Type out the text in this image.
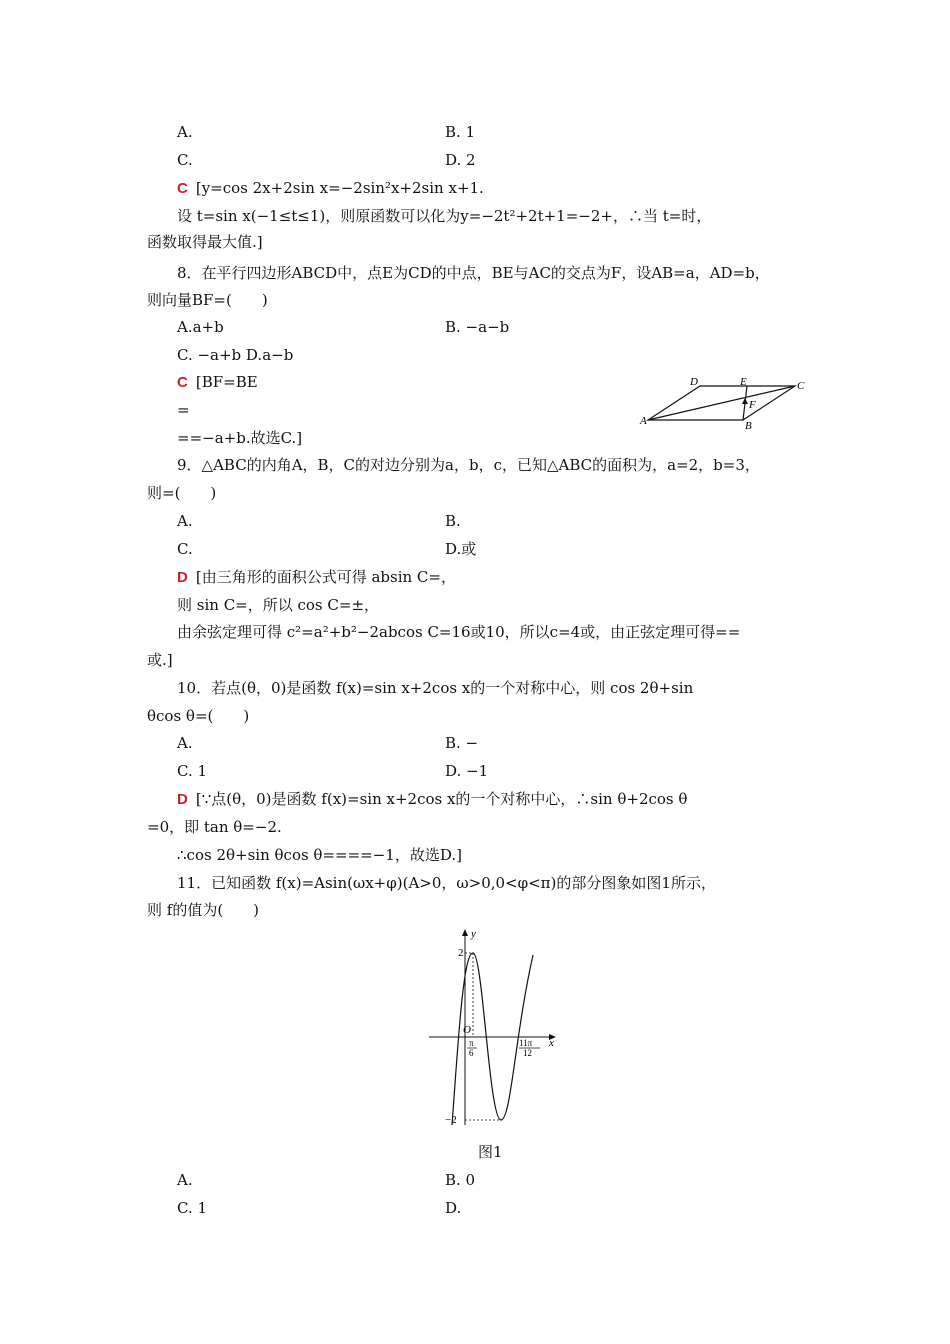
A.	B. 1
C.	D. 2
C [y=cos 2x+2sin x=−2sin²x+2sin x+1.
设 t=sin x(−1≤t≤1)，则原函数可以化为y=−2t²+2t+1=−2+，∴当 t=时，
函数取得最大值.]
8．在平行四边形ABCD中，点E为CD的中点，BE与AC的交点为F，设AB=a，AD=b，
则向量BF=(　　)
A.a+b	B. −a−b
C. −a+b D.a−b
C [BF=BE
=
==−a+b.故选C.]
A	B
C
D	E
F
9．△ABC的内角A，B，C的对边分别为a，b，c，已知△ABC的面积为，a=2，b=3，
则=(　　)
A.	B.
C.	D.或
D [由三角形的面积公式可得 absin C=，
则 sin C=，所以 cos C=±，
由余弦定理可得 c²=a²+b²−2abcos C=16或10，所以c=4或，由正弦定理可得==
或.]
10．若点(θ，0)是函数 f(x)=sin x+2cos x的一个对称中心，则 cos 2θ+sin
θcos θ=(　　)
A.	B. −
C. 1	D. −1
D [∵点(θ，0)是函数 f(x)=sin x+2cos x的一个对称中心，∴sin θ+2cos θ
=0，即 tan θ=−2.
∴cos 2θ+sin θcos θ====−1，故选D.]
11．已知函数 f(x)=Asin(ωx+φ)(A>0，ω>0,0<φ<π)的部分图象如图1所示，
则 f的值为(　　)
y
x
2
−2
O
π
6
11π
12
图1
A.	B. 0
C. 1	D.
